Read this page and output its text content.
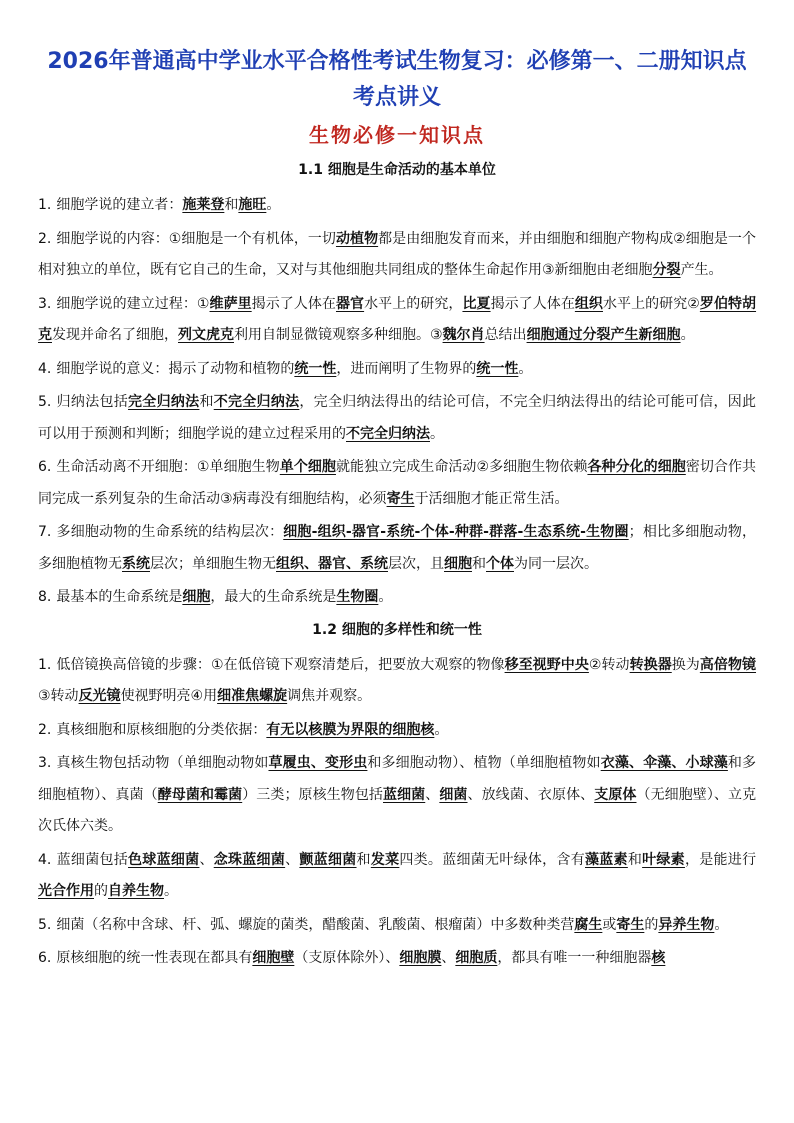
2026年普通高中学业水平合格性考试生物复习：必修第一、二册知识点考点讲义
生物必修一知识点
1.1 细胞是生命活动的基本单位

1. 细胞学说的建立者：施莱登和施旺。

2. 细胞学说的内容：①细胞是一个有机体，一切动植物都是由细胞发育而来，并由细胞和细胞产物构成②细胞是一个相对独立的单位，既有它自己的生命，又对与其他细胞共同组成的整体生命起作用③新细胞由老细胞分裂产生。

3. 细胞学说的建立过程：①维萨里揭示了人体在器官水平上的研究，比夏揭示了人体在组织水平上的研究②罗伯特胡克发现并命名了细胞，列文虎克利用自制显微镜观察多种细胞。③魏尔肖总结出细胞通过分裂产生新细胞。

4. 细胞学说的意义：揭示了动物和植物的统一性，进而阐明了生物界的统一性。

5. 归纳法包括完全归纳法和不完全归纳法，完全归纳法得出的结论可信，不完全归纳法得出的结论可能可信，因此可以用于预测和判断；细胞学说的建立过程采用的不完全归纳法。

6. 生命活动离不开细胞：①单细胞生物单个细胞就能独立完成生命活动②多细胞生物依赖各种分化的细胞密切合作共同完成一系列复杂的生命活动③病毒没有细胞结构，必须寄生于活细胞才能正常生活。

7. 多细胞动物的生命系统的结构层次：细胞-组织-器官-系统-个体-种群-群落-生态系统-生物圈；相比多细胞动物，多细胞植物无系统层次；单细胞生物无组织、器官、系统层次，且细胞和个体为同一层次。

8. 最基本的生命系统是细胞，最大的生命系统是生物圈。

1.2 细胞的多样性和统一性

1. 低倍镜换高倍镜的步骤：①在低倍镜下观察清楚后，把要放大观察的物像移至视野中央②转动转换器换为高倍物镜③转动反光镜使视野明亮④用细准焦螺旋调焦并观察。

2. 真核细胞和原核细胞的分类依据：有无以核膜为界限的细胞核。

3. 真核生物包括动物（单细胞动物如草履虫、变形虫和多细胞动物）、植物（单细胞植物如衣藻、伞藻、小球藻和多细胞植物）、真菌（酵母菌和霉菌）三类；原核生物包括蓝细菌、细菌、放线菌、衣原体、支原体（无细胞壁）、立克次氏体六类。

4. 蓝细菌包括色球蓝细菌、念珠蓝细菌、颤蓝细菌和发菜四类。蓝细菌无叶绿体，含有藻蓝素和叶绿素，是能进行光合作用的自养生物。

5. 细菌（名称中含球、杆、弧、螺旋的菌类，醋酸菌、乳酸菌、根瘤菌）中多数种类营腐生或寄生的异养生物。

6. 原核细胞的统一性表现在都具有细胞壁（支原体除外）、细胞膜、细胞质，都具有唯一一种细胞器核
